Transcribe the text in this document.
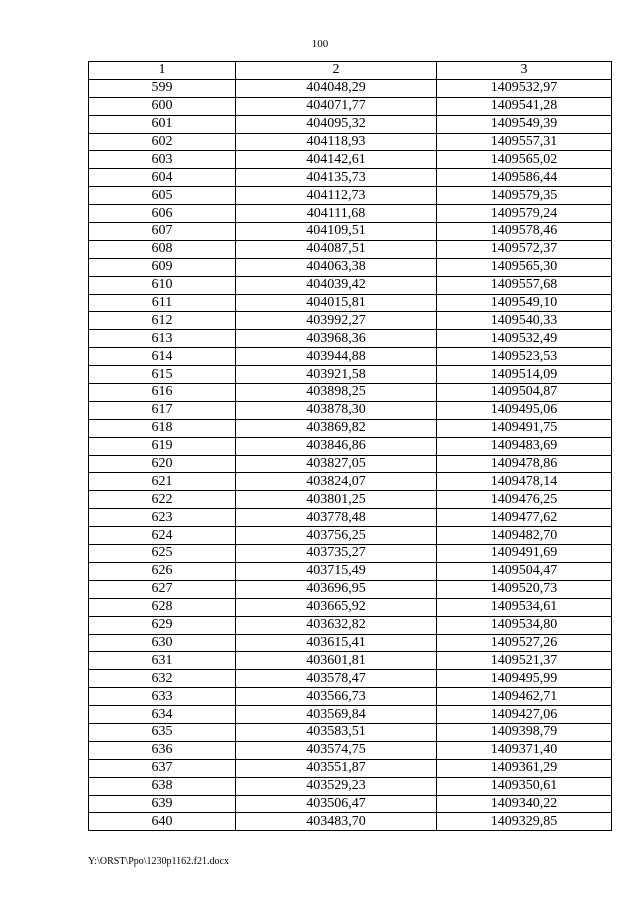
100
1	2	3
599	404048,29	1409532,97
600	404071,77	1409541,28
601	404095,32	1409549,39
602	404118,93	1409557,31
603	404142,61	1409565,02
604	404135,73	1409586,44
605	404112,73	1409579,35
606	404111,68	1409579,24
607	404109,51	1409578,46
608	404087,51	1409572,37
609	404063,38	1409565,30
610	404039,42	1409557,68
611	404015,81	1409549,10
612	403992,27	1409540,33
613	403968,36	1409532,49
614	403944,88	1409523,53
615	403921,58	1409514,09
616	403898,25	1409504,87
617	403878,30	1409495,06
618	403869,82	1409491,75
619	403846,86	1409483,69
620	403827,05	1409478,86
621	403824,07	1409478,14
622	403801,25	1409476,25
623	403778,48	1409477,62
624	403756,25	1409482,70
625	403735,27	1409491,69
626	403715,49	1409504,47
627	403696,95	1409520,73
628	403665,92	1409534,61
629	403632,82	1409534,80
630	403615,41	1409527,26
631	403601,81	1409521,37
632	403578,47	1409495,99
633	403566,73	1409462,71
634	403569,84	1409427,06
635	403583,51	1409398,79
636	403574,75	1409371,40
637	403551,87	1409361,29
638	403529,23	1409350,61
639	403506,47	1409340,22
640	403483,70	1409329,85
Y:\ORST\Ppo\1230p1162.f21.docx
